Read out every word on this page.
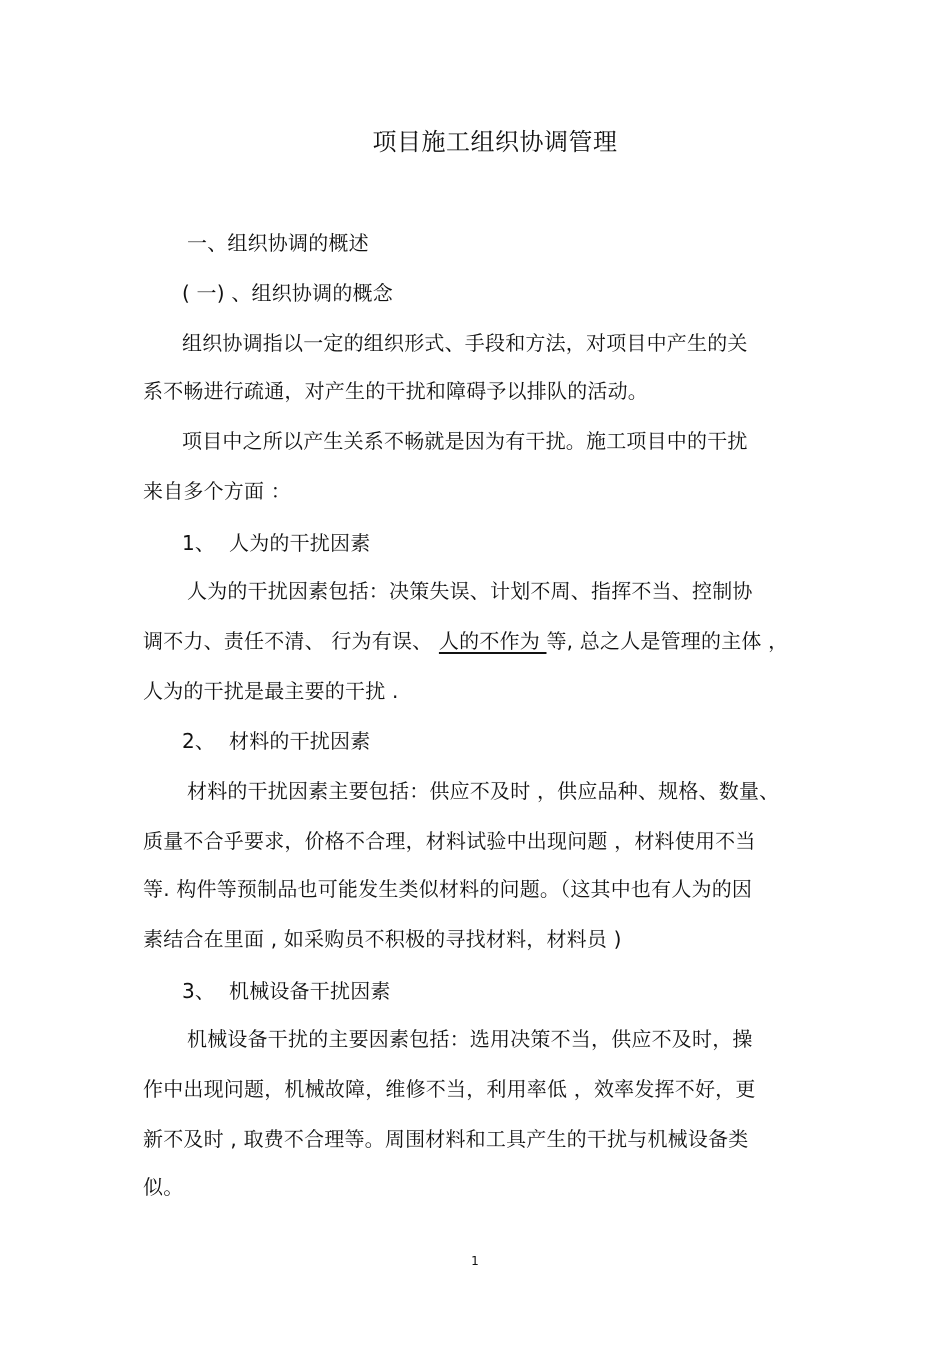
项目施工组织协调管理
一、组织协调的概述
( 一) 、组织协调的概念
组织协调指以一定的组织形式、手段和方法，对项目中产生的关
系不畅进行疏通，对产生的干扰和障碍予以排队的活动。
项目中之所以产生关系不畅就是因为有干扰。施工项目中的干扰
来自多个方面 ：
1、 人为的干扰因素
人为的干扰因素包括：决策失误、计划不周、指挥不当、控制协
调不力、责任不清、 行为有误、 人的不作为 等, 总之人是管理的主体 ，
人为的干扰是最主要的干扰 .
2、 材料的干扰因素
材料的干扰因素主要包括：供应不及时 ，供应品种、规格、数量、
质量不合乎要求，价格不合理，材料试验中出现问题 ，材料使用不当
等. 构件等预制品也可能发生类似材料的问题。（这其中也有人为的因
素结合在里面 , 如采购员不积极的寻找材料，材料员 )
3、 机械设备干扰因素
机械设备干扰的主要因素包括：选用决策不当，供应不及时，操
作中出现问题，机械故障，维修不当，利用率低 ，效率发挥不好，更
新不及时 , 取费不合理等。周围材料和工具产生的干扰与机械设备类
似。
1
